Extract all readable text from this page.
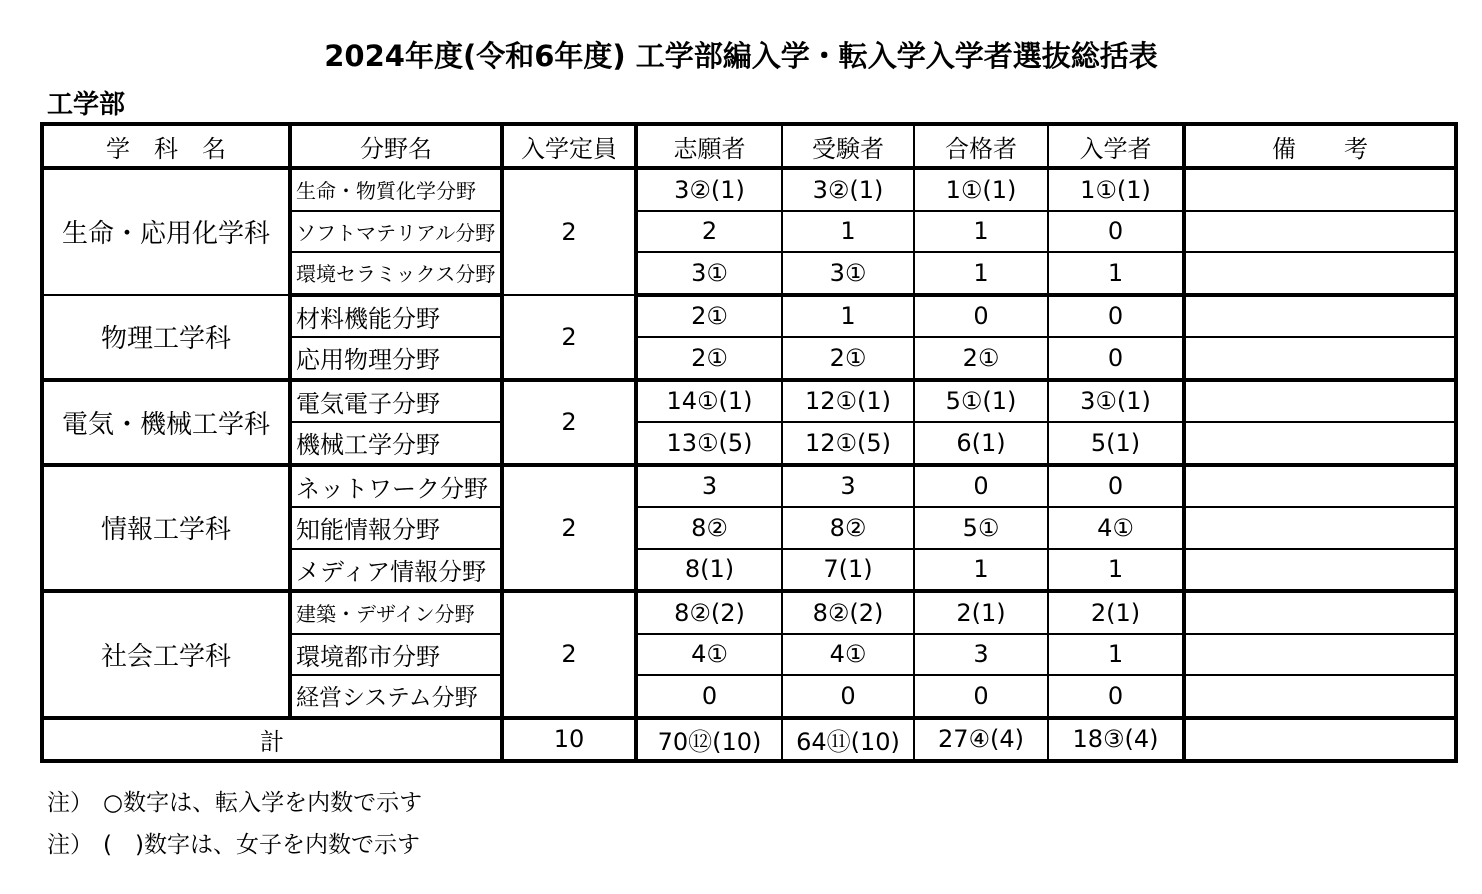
2024年度(令和6年度) 工学部編入学・転入学入学者選抜総括表
工学部
学　科　名	分野名	入学定員	志願者	受験者	合格者	入学者	備　　考
生命・応用化学科	生命・物質化学分野	2	3②(1)	3②(1)	1①(1)	1①(1)	
	ソフトマテリアル分野		2	1	1	0	
	環境セラミックス分野		3①	3①	1	1	
物理工学科	材料機能分野	2	2①	1	0	0	
	応用物理分野		2①	2①	2①	0	
電気・機械工学科	電気電子分野	2	14①(1)	12①(1)	5①(1)	3①(1)	
	機械工学分野		13①(5)	12①(5)	6(1)	5(1)	
情報工学科	ネットワーク分野	2	3	3	0	0	
	知能情報分野		8②	8②	5①	4①	
	メディア情報分野		8(1)	7(1)	1	1	
社会工学科	建築・デザイン分野	2	8②(2)	8②(2)	2(1)	2(1)	
	環境都市分野		4①	4①	3	1	
	経営システム分野		0	0	0	0	
計		10	70⑫(10)	64⑪(10)	27④(4)	18③(4)	
注） ○数字は、転入学を内数で示す
注） (　)数字は、女子を内数で示す
